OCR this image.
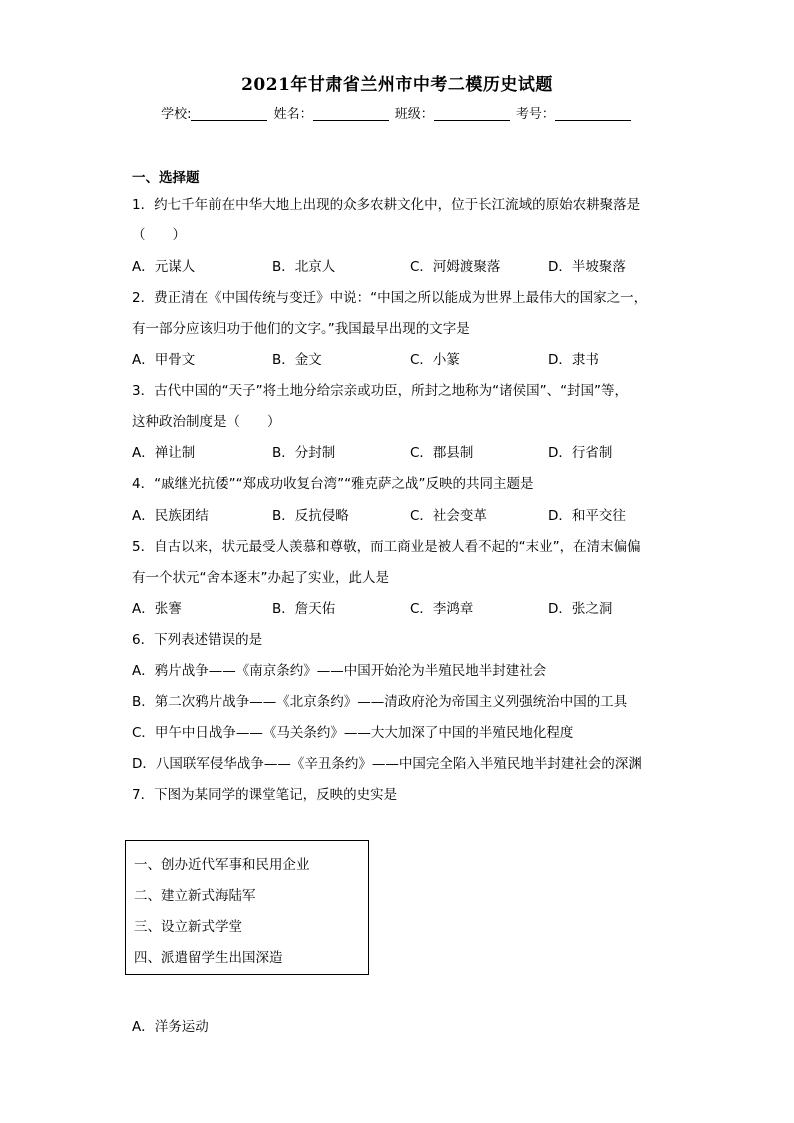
2021年甘肃省兰州市中考二模历史试题
学校:	姓名：	班级：	考号：
一、选择题
1．约七千年前在中华大地上出现的众多农耕文化中，位于长江流域的原始农耕聚落是
（　　）
A．元谋人	B．北京人	C．河姆渡聚落	D．半坡聚落
2．费正清在《中国传统与变迁》中说：“中国之所以能成为世界上最伟大的国家之一，
有一部分应该归功于他们的文字。”我国最早出现的文字是
A．甲骨文	B．金文	C．小篆	D．隶书
3．古代中国的“天子”将土地分给宗亲或功臣，所封之地称为“诸侯国”、“封国”等，
这种政治制度是（　　）
A．禅让制	B．分封制	C．郡县制	D．行省制
4．“戚继光抗倭”“郑成功收复台湾”“雅克萨之战”反映的共同主题是
A．民族团结	B．反抗侵略	C．社会变革	D．和平交往
5．自古以来，状元最受人羡慕和尊敬，而工商业是被人看不起的“末业”，在清末偏偏
有一个状元“舍本逐末”办起了实业，此人是
A．张謇	B．詹天佑	C．李鸿章	D．张之洞
6．下列表述错误的是
A．鸦片战争——《南京条约》——中国开始沦为半殖民地半封建社会
B．第二次鸦片战争——《北京条约》——清政府沦为帝国主义列强统治中国的工具
C．甲午中日战争——《马关条约》——大大加深了中国的半殖民地化程度
D．八国联军侵华战争——《辛丑条约》——中国完全陷入半殖民地半封建社会的深渊
7．下图为某同学的课堂笔记，反映的史实是
一、创办近代军事和民用企业
二、建立新式海陆军
三、设立新式学堂
四、派遣留学生出国深造
A．洋务运动
